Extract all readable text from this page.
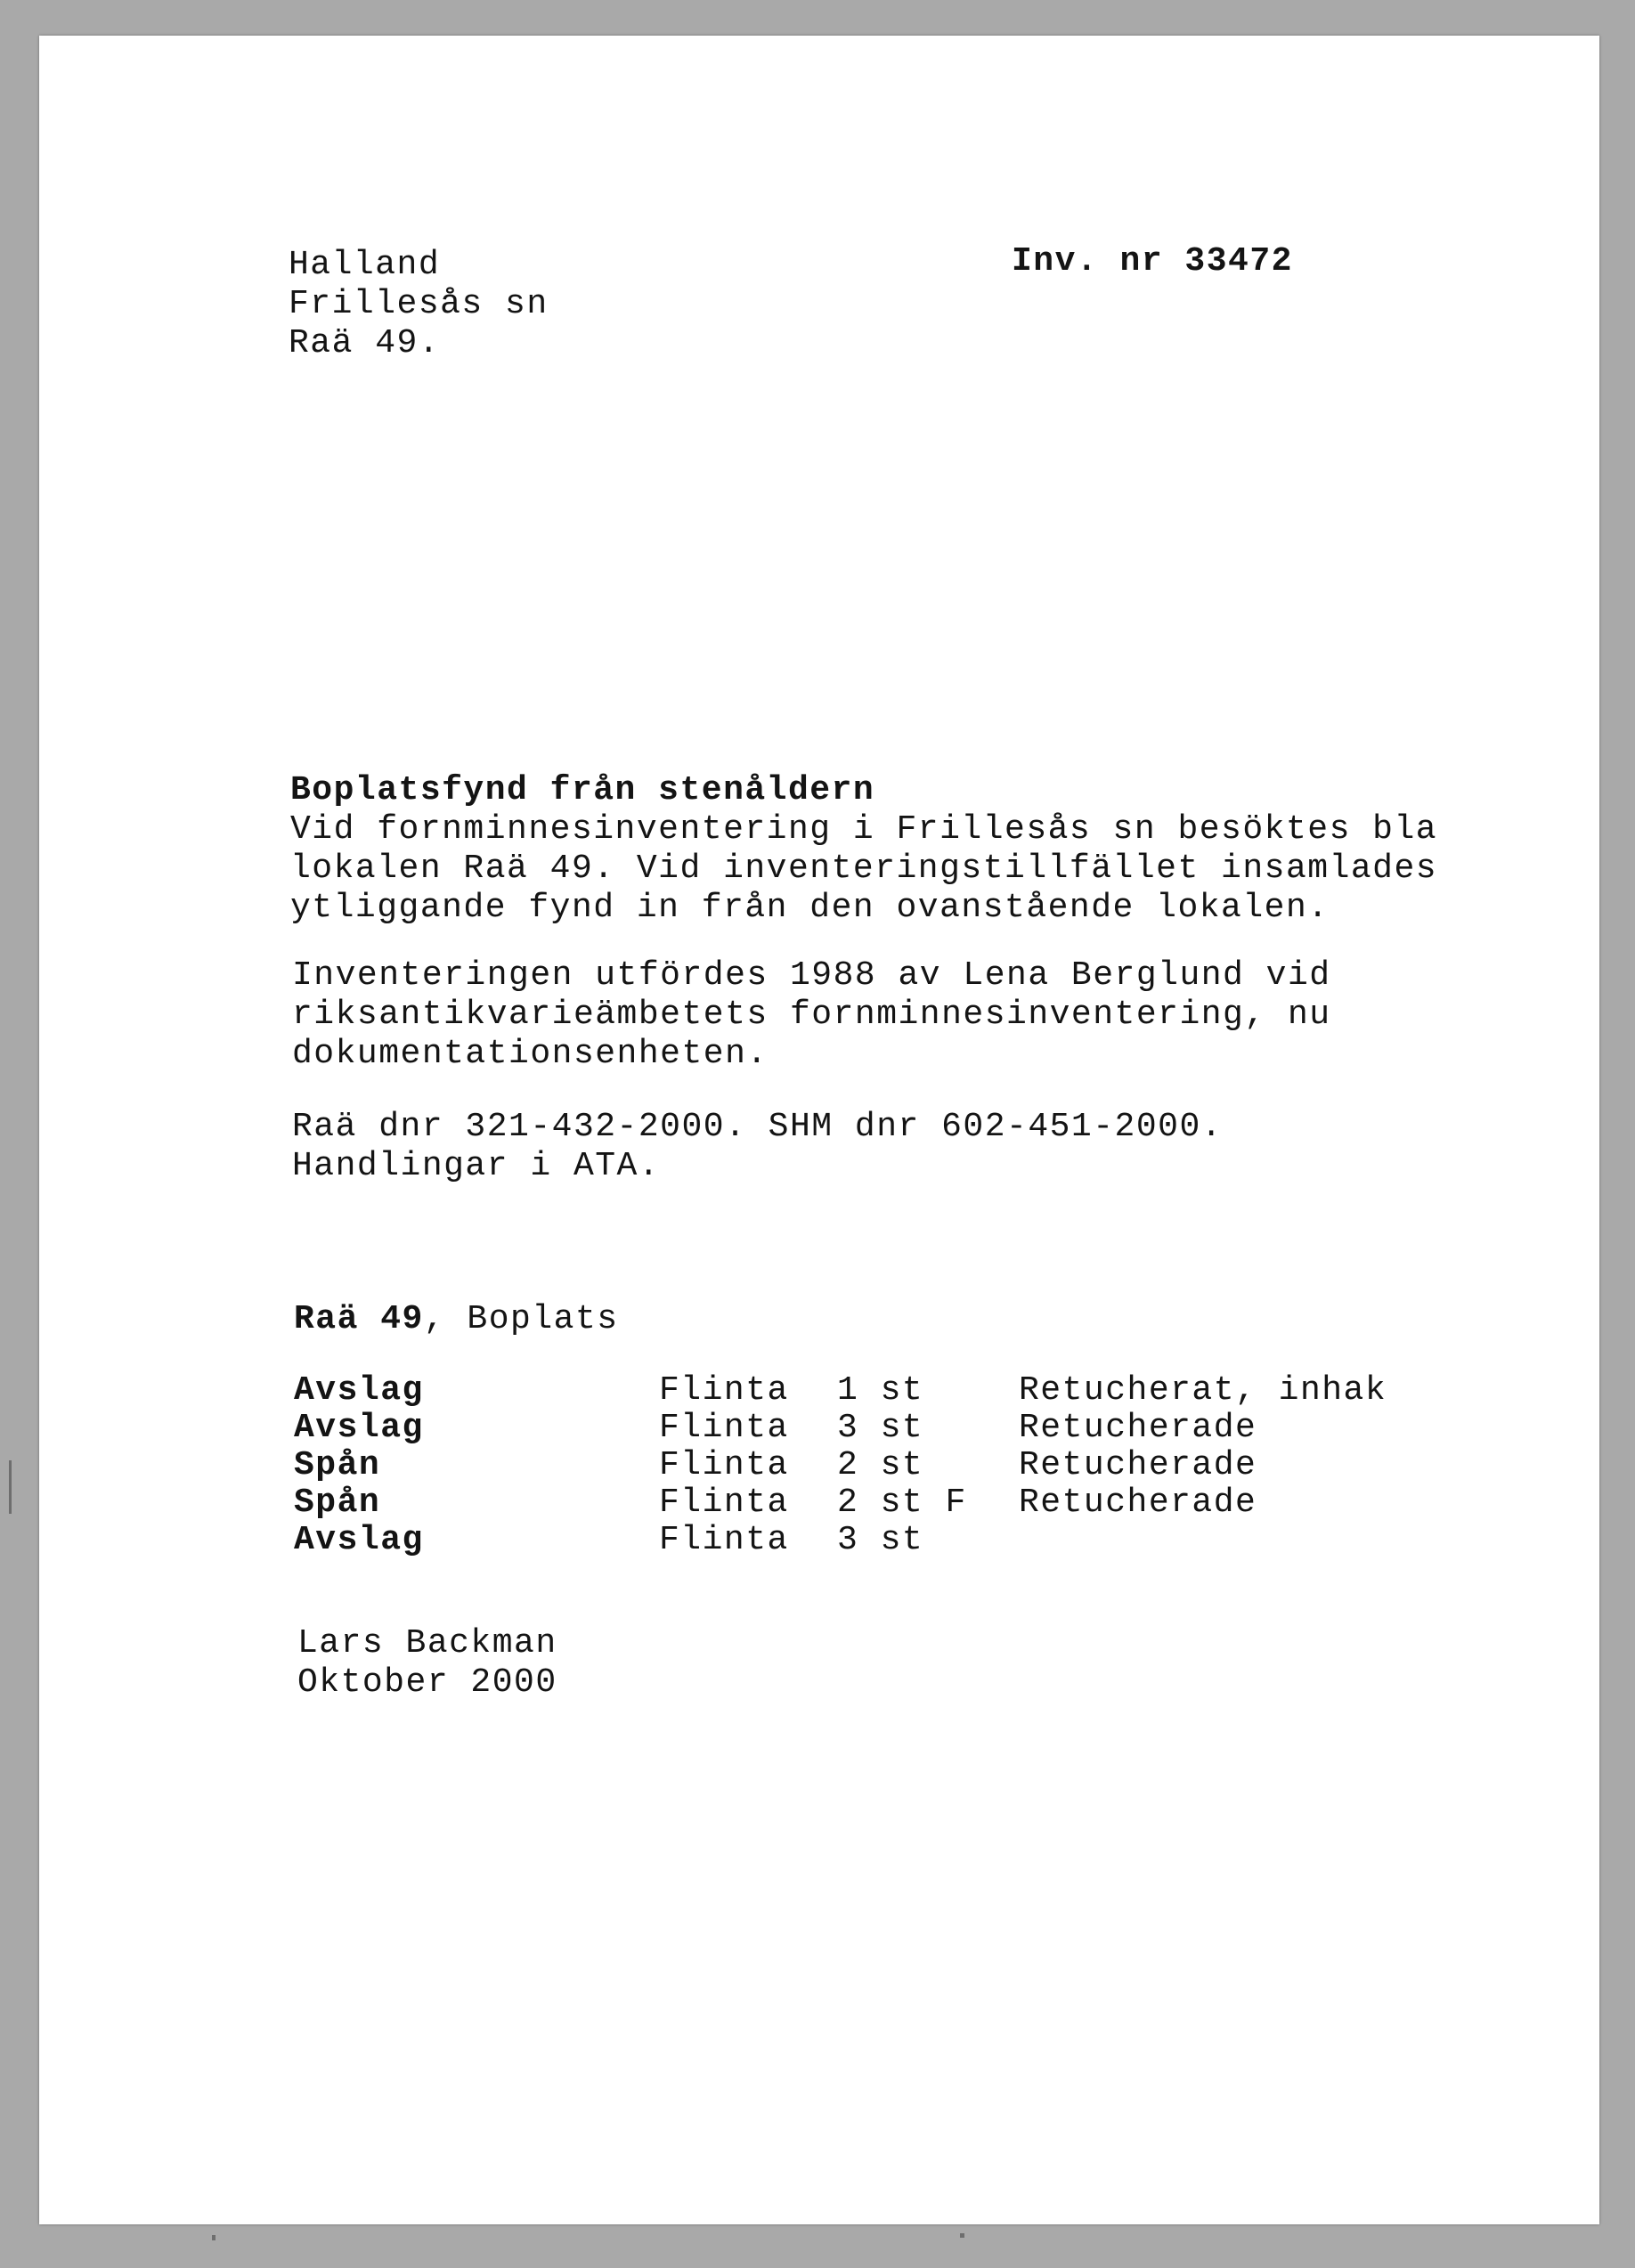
Halland
Frillesås sn
Raä 49.
Inv. nr 33472
Boplatsfynd från stenåldern
Vid fornminnesinventering i Frillesås sn besöktes bla
lokalen Raä 49. Vid inventeringstillfället insamlades
ytliggande fynd in från den ovanstående lokalen.
Inventeringen utfördes 1988 av Lena Berglund vid
riksantikvarieämbetets fornminnesinventering, nu
dokumentationsenheten.
Raä dnr 321-432-2000. SHM dnr 602-451-2000.
Handlingar i ATA.
Raä 49, Boplats
Avslag	Flinta 1 st	Retucherat, inhak
Avslag	Flinta 3 st	Retucherade
Spån	Flinta 2 st	Retucherade
Spån	Flinta 2 st F Retucherade
Avslag	Flinta 3 st
Lars Backman
Oktober 2000
